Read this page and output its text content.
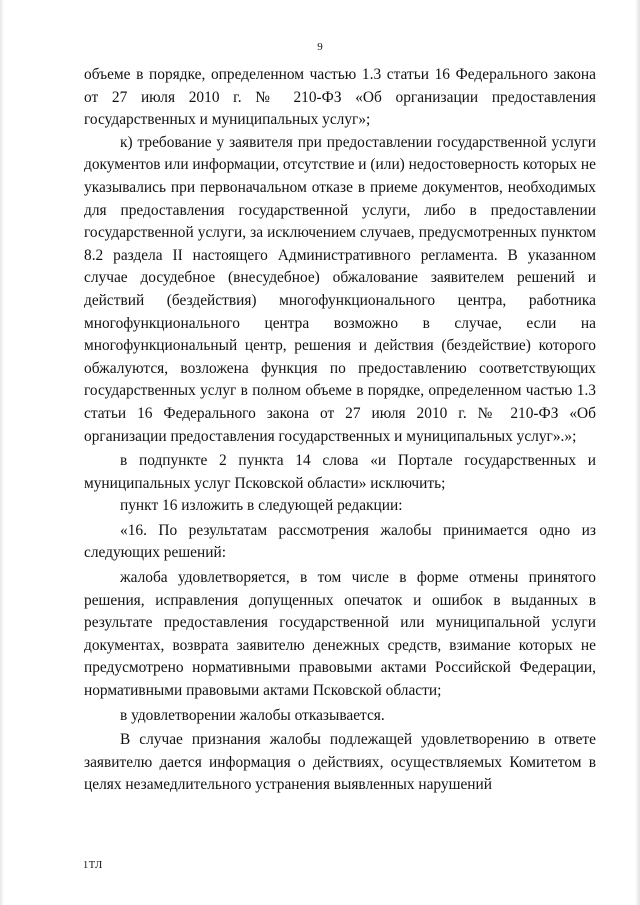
9

объеме в порядке, определенном частью 1.3 статьи 16 Федерального закона от 27 июля 2010 г. № 210-ФЗ «Об организации предоставления государственных и муниципальных услуг»;

к) требование у заявителя при предоставлении государственной услуги документов или информации, отсутствие и (или) недостоверность которых не указывались при первоначальном отказе в приеме документов, необходимых для предоставления государственной услуги, либо в предоставлении государственной услуги, за исключением случаев, предусмотренных пунктом 8.2 раздела II настоящего Административного регламента. В указанном случае досудебное (внесудебное) обжалование заявителем решений и действий (бездействия) многофункционального центра, работника многофункционального центра возможно в случае, если на многофункциональный центр, решения и действия (бездействие) которого обжалуются, возложена функция по предоставлению соответствующих государственных услуг в полном объеме в порядке, определенном частью 1.3 статьи 16 Федерального закона от 27 июля 2010 г. № 210-ФЗ «Об организации предоставления государственных и муниципальных услуг».»;

в подпункте 2 пункта 14 слова «и Портале государственных и муниципальных услуг Псковской области» исключить;

пункт 16 изложить в следующей редакции:

«16. По результатам рассмотрения жалобы принимается одно из следующих решений:

жалоба удовлетворяется, в том числе в форме отмены принятого решения, исправления допущенных опечаток и ошибок в выданных в результате предоставления государственной или муниципальной услуги документах, возврата заявителю денежных средств, взимание которых не предусмотрено нормативными правовыми актами Российской Федерации, нормативными правовыми актами Псковской области;

в удовлетворении жалобы отказывается.

В случае признания жалобы подлежащей удовлетворению в ответе заявителю дается информация о действиях, осуществляемых Комитетом в целях незамедлительного устранения выявленных нарушений

1ТЛ
